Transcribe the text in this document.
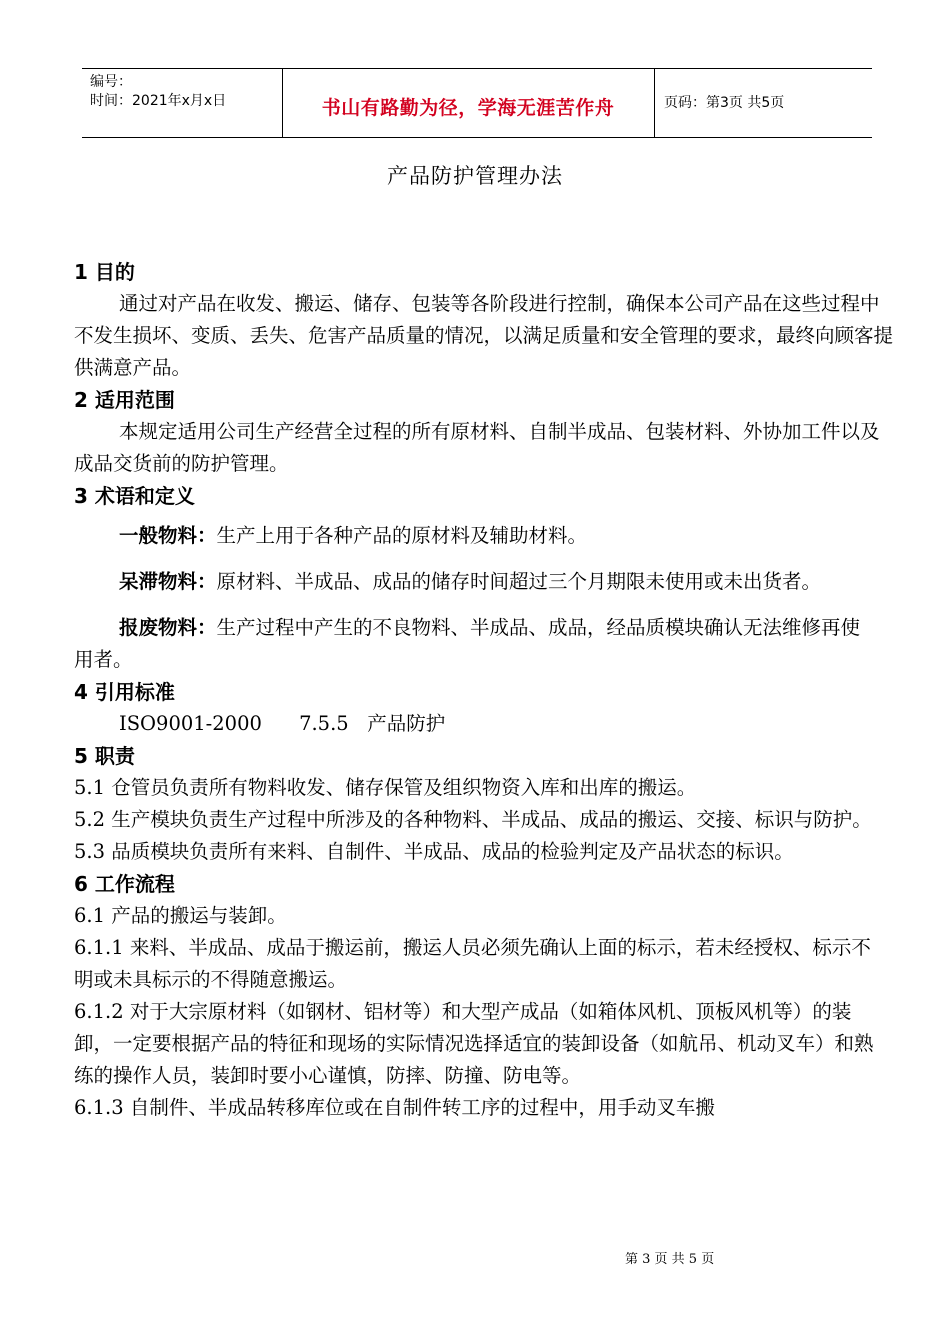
编号：
时间：2021年x月x日	书山有路勤为径，学海无涯苦作舟	页码：第3页 共5页
产品防护管理办法
1 目的

通过对产品在收发、搬运、储存、包装等各阶段进行控制，确保本公司产品在这些过程中不发生损坏、变质、丢失、危害产品质量的情况，以满足质量和安全管理的要求，最终向顾客提供满意产品。

2 适用范围

本规定适用公司生产经营全过程的所有原材料、自制半成品、包装材料、外协加工件以及成品交货前的防护管理。

3 术语和定义

一般物料：生产上用于各种产品的原材料及辅助材料。

呆滞物料：原材料、半成品、成品的储存时间超过三个月期限未使用或未出货者。

报废物料：生产过程中产生的不良物料、半成品、成品，经品质模块确认无法维修再使用者。

4 引用标准

ISO9001-2000      7.5.5   产品防护

5 职责

5.1 仓管员负责所有物料收发、储存保管及组织物资入库和出库的搬运。

5.2 生产模块负责生产过程中所涉及的各种物料、半成品、成品的搬运、交接、标识与防护。

5.3 品质模块负责所有来料、自制件、半成品、成品的检验判定及产品状态的标识。

6 工作流程

6.1 产品的搬运与装卸。

6.1.1 来料、半成品、成品于搬运前，搬运人员必须先确认上面的标示，若未经授权、标示不明或未具标示的不得随意搬运。

6.1.2 对于大宗原材料（如钢材、铝材等）和大型产成品（如箱体风机、顶板风机等）的装卸，一定要根据产品的特征和现场的实际情况选择适宜的装卸设备（如航吊、机动叉车）和熟练的操作人员，装卸时要小心谨慎，防摔、防撞、防电等。

6.1.3 自制件、半成品转移库位或在自制件转工序的过程中，用手动叉车搬

第 3 页 共 5 页
